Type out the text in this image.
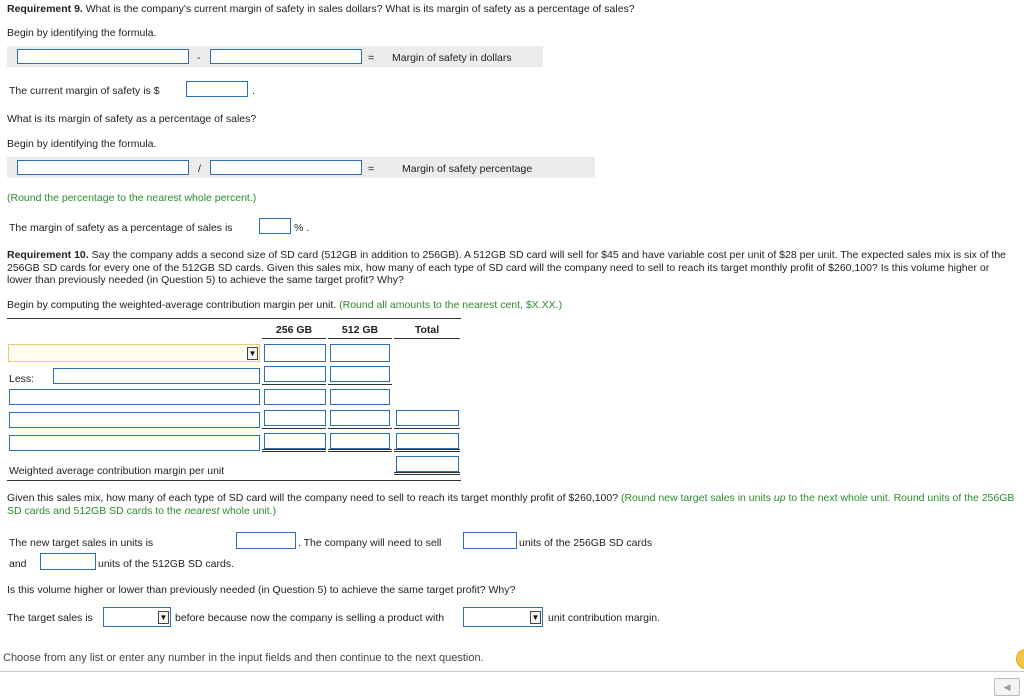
Requirement 9. What is the company's current margin of safety in sales dollars? What is its margin of safety as a percentage of sales?
Begin by identifying the formula.
-	= Margin of safety in dollars
The current margin of safety is $	.
What is its margin of safety as a percentage of sales?
Begin by identifying the formula.
/	=	Margin of safety percentage
(Round the percentage to the nearest whole percent.)
The margin of safety as a percentage of sales is	% .
Requirement 10. Say the company adds a second size of SD card (512GB in addition to 256GB). A 512GB SD card will sell for $45 and have variable cost per unit of $28 per unit. The expected sales mix is six of the 256GB SD cards for every one of the 512GB SD cards. Given this sales mix, how many of each type of SD card will the company need to sell to reach its target monthly profit of $260,100? Is this volume higher or lower than previously needed (in Question 5) to achieve the same target profit? Why?
Begin by computing the weighted-average contribution margin per unit. (Round all amounts to the nearest cent, $X.XX.)
256 GB	512 GB	Total
▼
Less:
Weighted average contribution margin per unit
Given this sales mix, how many of each type of SD card will the company need to sell to reach its target monthly profit of $260,100? (Round new target sales in units up to the next whole unit. Round units of the 256GB SD cards and 512GB SD cards to the nearest whole unit.)
The new target sales in units is	. The company will need to sell	units of the 256GB SD cards
and	units of the 512GB SD cards.
Is this volume higher or lower than previously needed (in Question 5) to achieve the same target profit? Why?
The target sales is	▼ before because now the company is selling a product with	▼ unit contribution margin.
Choose from any list or enter any number in the input fields and then continue to the next question.
◀
